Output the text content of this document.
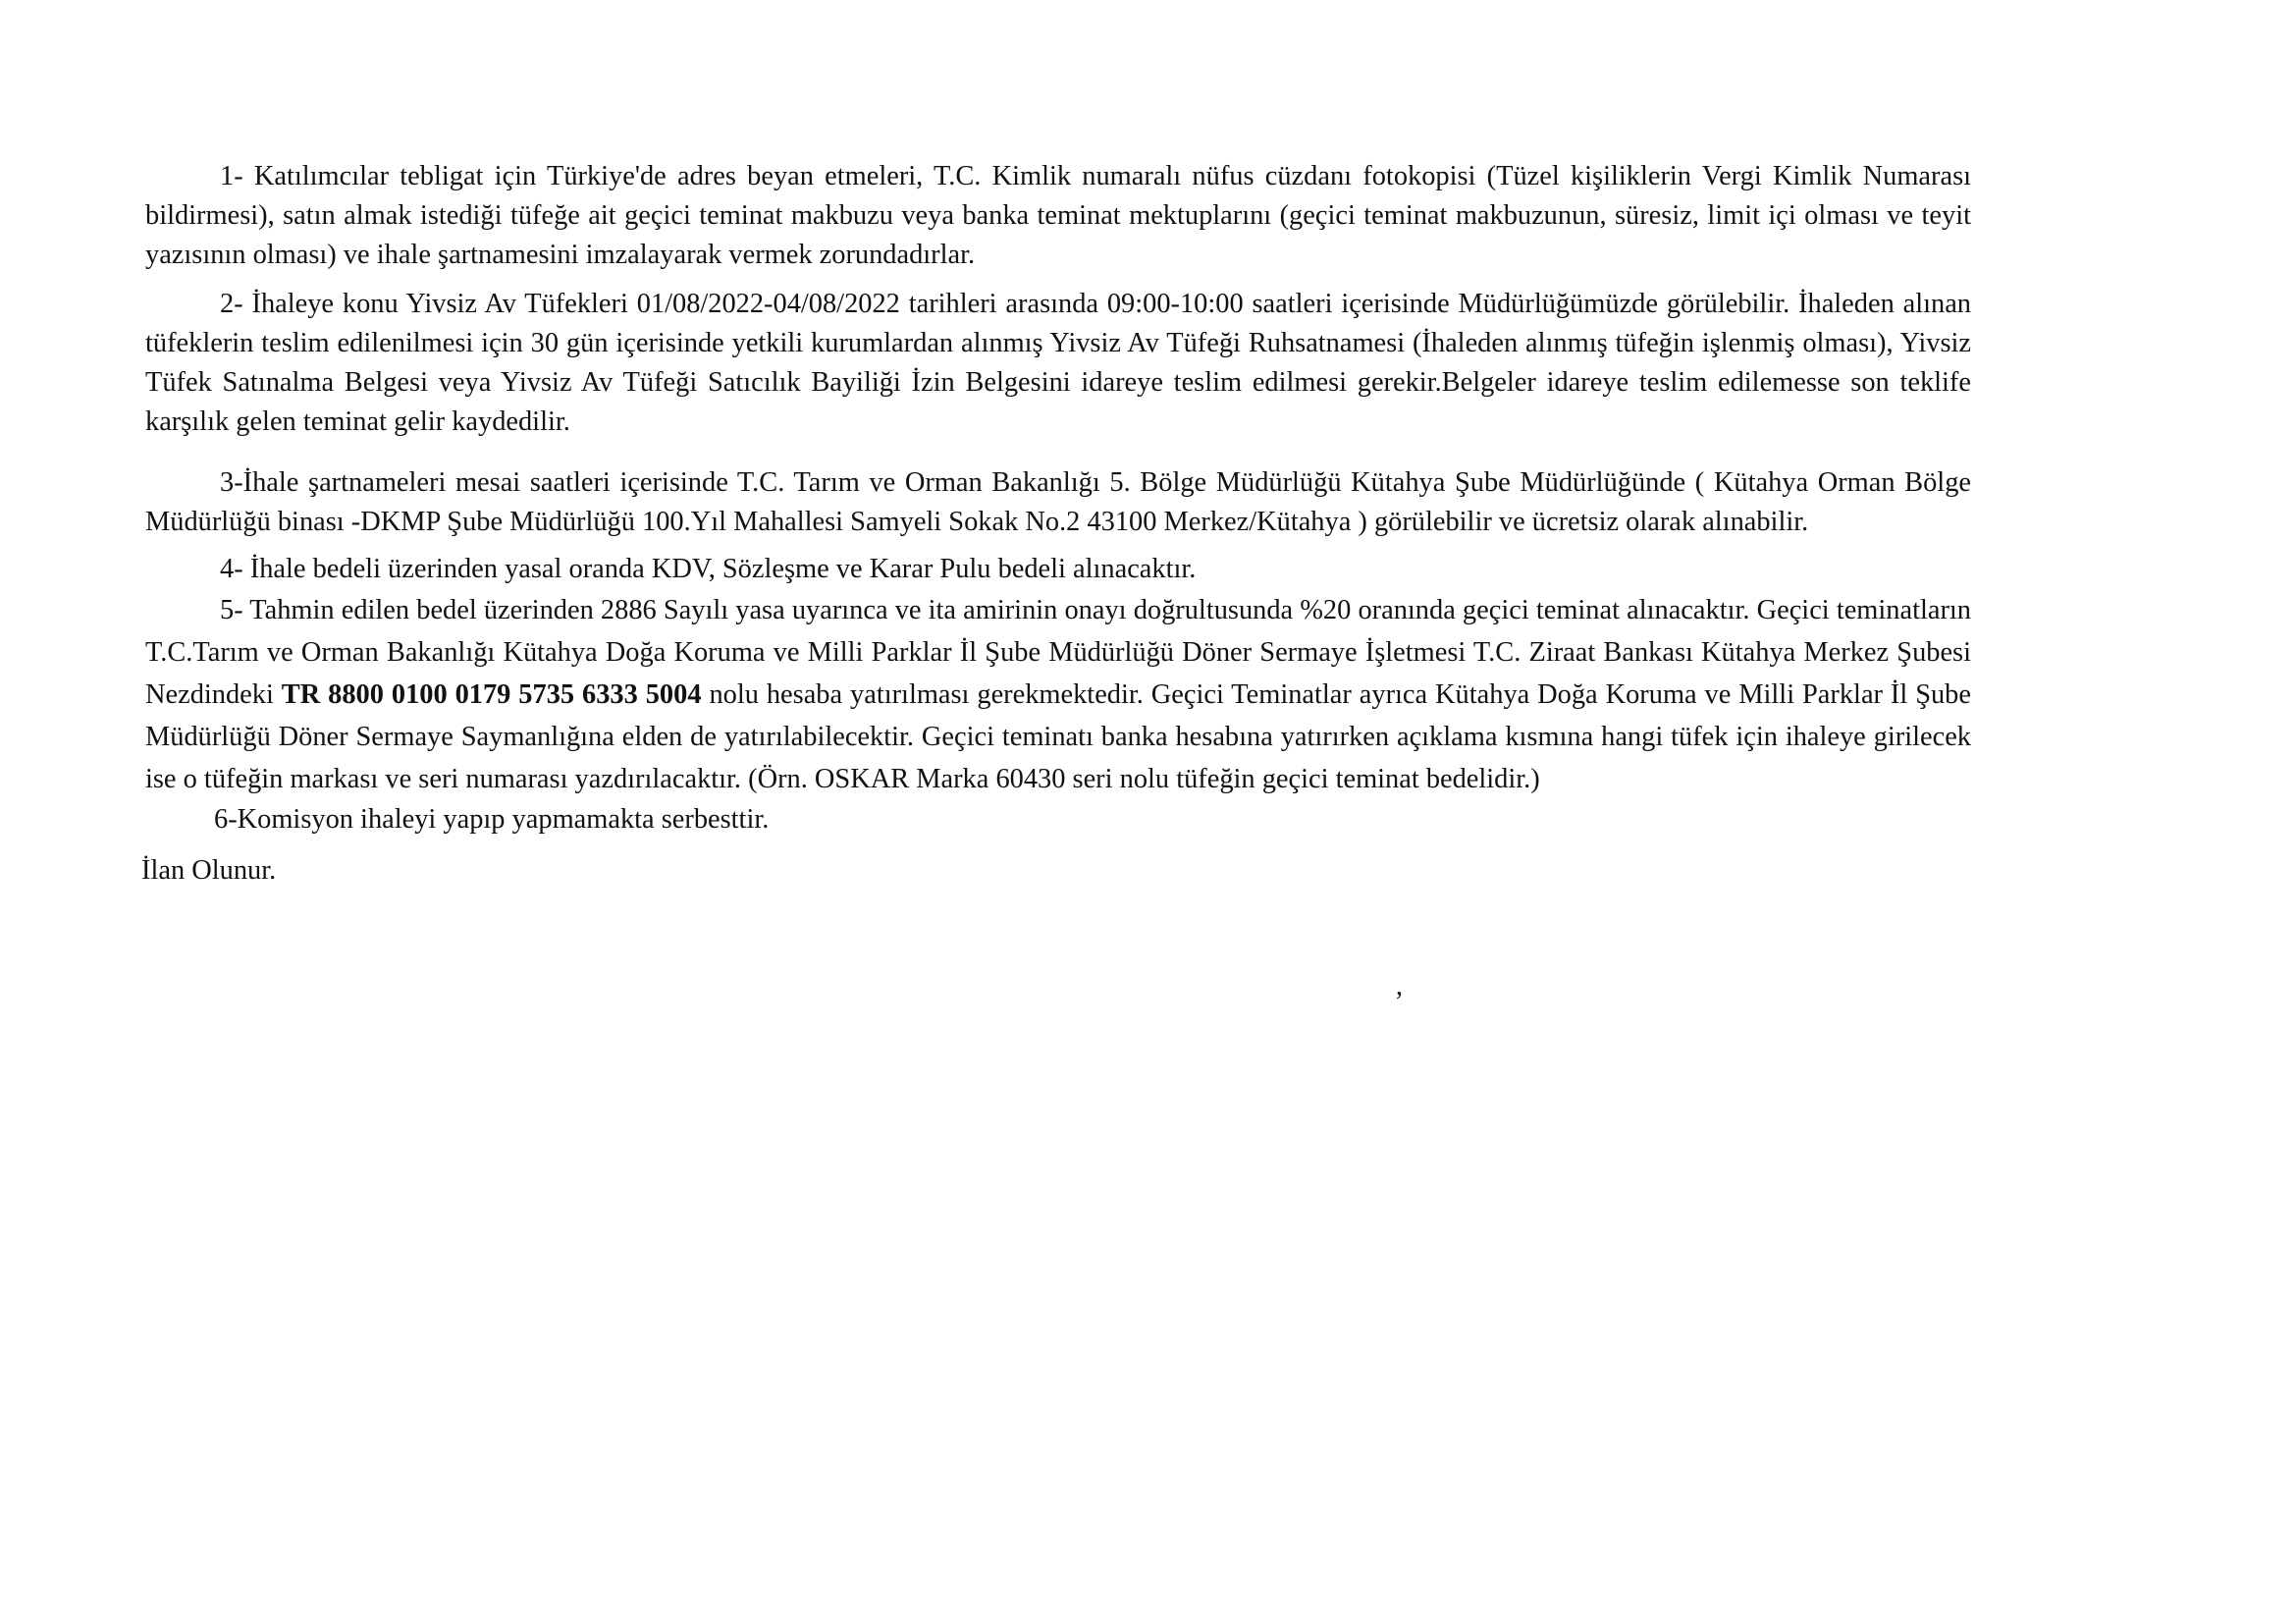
1- Katılımcılar tebligat için Türkiye'de adres beyan etmeleri, T.C. Kimlik numaralı nüfus cüzdanı fotokopisi (Tüzel kişiliklerin Vergi Kimlik Numarası bildirmesi), satın almak istediği tüfeğe ait geçici teminat makbuzu veya banka teminat mektuplarını (geçici teminat makbuzunun, süresiz, limit içi olması ve teyit yazısının olması) ve ihale şartnamesini imzalayarak vermek zorundadırlar.

2- İhaleye konu Yivsiz Av Tüfekleri 01/08/2022-04/08/2022 tarihleri arasında 09:00-10:00 saatleri içerisinde Müdürlüğümüzde görülebilir. İhaleden alınan tüfeklerin teslim edilenilmesi için 30 gün içerisinde yetkili kurumlardan alınmış Yivsiz Av Tüfeği Ruhsatnamesi (İhaleden alınmış tüfeğin işlenmiş olması), Yivsiz Tüfek Satınalma Belgesi veya Yivsiz Av Tüfeği Satıcılık Bayiliği İzin Belgesini idareye teslim edilmesi gerekir.Belgeler idareye teslim edilemesse son teklife karşılık gelen teminat gelir kaydedilir.

3-İhale şartnameleri mesai saatleri içerisinde T.C. Tarım ve Orman Bakanlığı 5. Bölge Müdürlüğü Kütahya Şube Müdürlüğünde ( Kütahya Orman Bölge Müdürlüğü binası -DKMP Şube Müdürlüğü 100.Yıl Mahallesi Samyeli Sokak No.2 43100 Merkez/Kütahya ) görülebilir ve ücretsiz olarak alınabilir.

4- İhale bedeli üzerinden yasal oranda KDV, Sözleşme ve Karar Pulu bedeli alınacaktır.

5- Tahmin edilen bedel üzerinden 2886 Sayılı yasa uyarınca ve ita amirinin onayı doğrultusunda %20 oranında geçici teminat alınacaktır. Geçici teminatların T.C.Tarım ve Orman Bakanlığı Kütahya Doğa Koruma ve Milli Parklar İl Şube Müdürlüğü Döner Sermaye İşletmesi T.C. Ziraat Bankası Kütahya Merkez Şubesi Nezdindeki TR 8800 0100 0179 5735 6333 5004 nolu hesaba yatırılması gerekmektedir. Geçici Teminatlar ayrıca Kütahya Doğa Koruma ve Milli Parklar İl Şube Müdürlüğü Döner Sermaye Saymanlığına elden de yatırılabilecektir. Geçici teminatı banka hesabına yatırırken açıklama kısmına hangi tüfek için ihaleye girilecek ise o tüfeğin markası ve seri numarası yazdırılacaktır. (Örn. OSKAR Marka 60430 seri nolu tüfeğin geçici teminat bedelidir.)

6-Komisyon ihaleyi yapıp yapmamakta serbesttir.

İlan Olunur.

,
